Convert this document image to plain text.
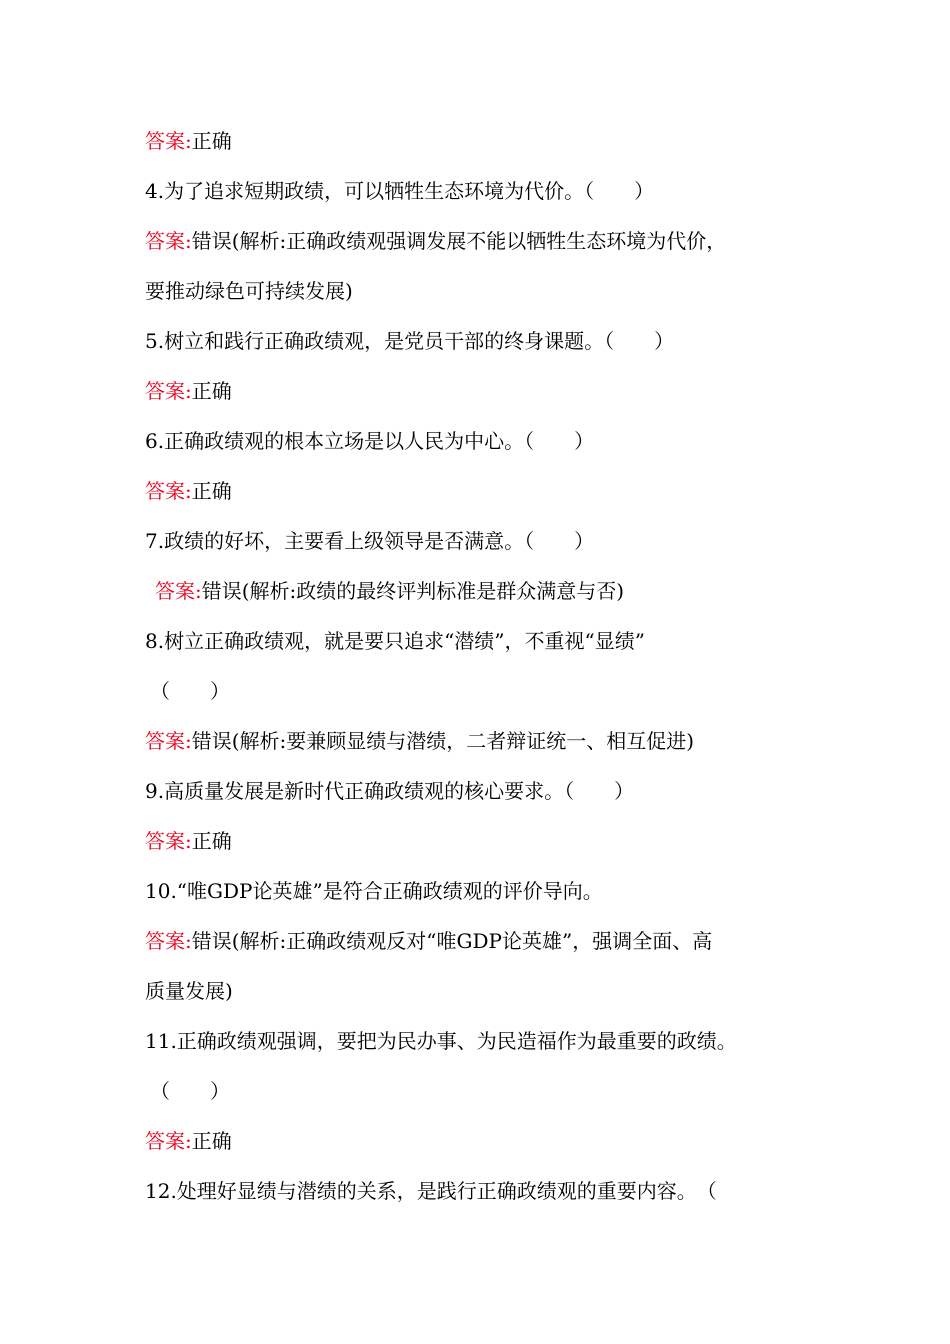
答案:正确
4.为了追求短期政绩，可以牺牲生态环境为代价。（　　）
答案:错误(解析:正确政绩观强调发展不能以牺牲生态环境为代价，
要推动绿色可持续发展)
5.树立和践行正确政绩观，是党员干部的终身课题。（　　）
答案:正确
6.正确政绩观的根本立场是以人民为中心。（　　）
答案:正确
7.政绩的好坏，主要看上级领导是否满意。（　　）
答案:错误(解析:政绩的最终评判标准是群众满意与否)
8.树立正确政绩观，就是要只追求“潜绩”，不重视“显绩”
（　　）
答案:错误(解析:要兼顾显绩与潜绩，二者辩证统一、相互促进)
9.高质量发展是新时代正确政绩观的核心要求。（　　）
答案:正确
10.“唯GDP论英雄”是符合正确政绩观的评价导向。
答案:错误(解析:正确政绩观反对“唯GDP论英雄”，强调全面、高
质量发展)
11.正确政绩观强调，要把为民办事、为民造福作为最重要的政绩。
（　　）
答案:正确
12.处理好显绩与潜绩的关系，是践行正确政绩观的重要内容。　（
